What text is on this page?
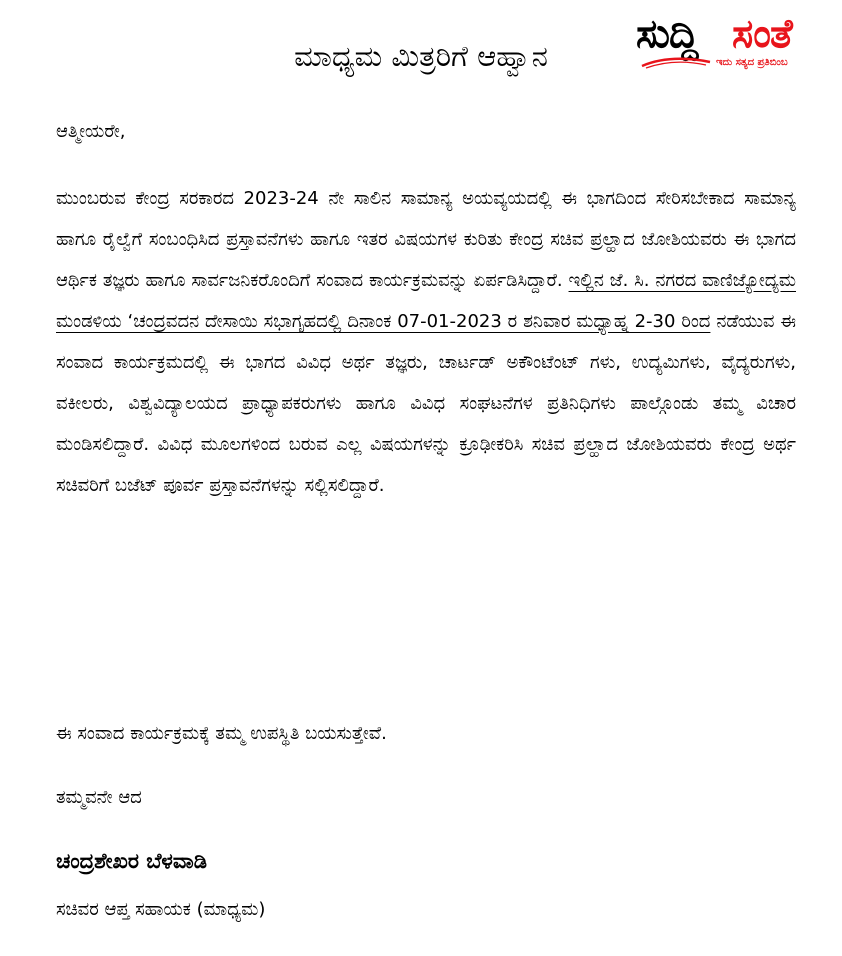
ಸುದ್ದಿ ಸಂತೆ
ಇದು ಸತ್ಯದ ಪ್ರತಿಬಿಂಬ
ಮಾಧ್ಯಮ ಮಿತ್ರರಿಗೆ ಆಹ್ವಾನ
ಆತ್ಮೀಯರೇ,

ಮುಂಬರುವ ಕೇಂದ್ರ ಸರಕಾರದ 2023-24 ನೇ ಸಾಲಿನ ಸಾಮಾನ್ಯ ಅಯವ್ಯಯದಲ್ಲಿ ಈ ಭಾಗದಿಂದ ಸೇರಿಸಬೇಕಾದ ಸಾಮಾನ್ಯ ಹಾಗೂ ರೈಲ್ವೆಗೆ ಸಂಬಂಧಿಸಿದ ಪ್ರಸ್ತಾವನೆಗಳು ಹಾಗೂ ಇತರ ವಿಷಯಗಳ ಕುರಿತು ಕೇಂದ್ರ ಸಚಿವ ಪ್ರಲ್ಹಾದ ಜೋಶಿಯವರು ಈ ಭಾಗದ ಆರ್ಥಿಕ ತಜ್ಞರು ಹಾಗೂ ಸಾರ್ವಜನಿಕರೊಂದಿಗೆ ಸಂವಾದ ಕಾರ್ಯಕ್ರಮವನ್ನು ಏರ್ಪಡಿಸಿದ್ದಾರೆ. ಇಲ್ಲಿನ ಜೆ. ಸಿ. ನಗರದ ವಾಣಿಜ್ಯೋದ್ಯಮ ಮಂಡಳಿಯ ‘ಚಂದ್ರವದನ ದೇಸಾಯಿ ಸಭಾಗೃಹದಲ್ಲಿ ದಿನಾಂಕ 07-01-2023 ರ ಶನಿವಾರ ಮಧ್ಯಾಹ್ನ 2-30 ರಿಂದ ನಡೆಯುವ ಈ ಸಂವಾದ ಕಾರ್ಯಕ್ರಮದಲ್ಲಿ ಈ ಭಾಗದ ವಿವಿಧ ಅರ್ಥ ತಜ್ಞರು, ಚಾರ್ಟಡ್ ಅಕೌಂಟೆಂಟ್ ಗಳು, ಉದ್ಯಮಿಗಳು, ವೈದ್ಯರುಗಳು, ವಕೀಲರು, ವಿಶ್ವವಿದ್ಯಾಲಯದ ಪ್ರಾಧ್ಯಾಪಕರುಗಳು ಹಾಗೂ ವಿವಿಧ ಸಂಘಟನೆಗಳ ಪ್ರತಿನಿಧಿಗಳು ಪಾಲ್ಗೊಂಡು ತಮ್ಮ ವಿಚಾರ ಮಂಡಿಸಲಿದ್ದಾರೆ. ವಿವಿಧ ಮೂಲಗಳಿಂದ ಬರುವ ಎಲ್ಲ ವಿಷಯಗಳನ್ನು ಕ್ರೂಢೀಕರಿಸಿ ಸಚಿವ ಪ್ರಲ್ಹಾದ ಜೋಶಿಯವರು ಕೇಂದ್ರ ಅರ್ಥ ಸಚಿವರಿಗೆ ಬಜೆಟ್ ಪೂರ್ವ ಪ್ರಸ್ತಾವನೆಗಳನ್ನು ಸಲ್ಲಿಸಲಿದ್ದಾರೆ.

ಈ ಸಂವಾದ ಕಾರ್ಯಕ್ರಮಕ್ಕೆ ತಮ್ಮ ಉಪಸ್ಥಿತಿ ಬಯಸುತ್ತೇವೆ.
ತಮ್ಮವನೇ ಆದ
ಚಂದ್ರಶೇಖರ ಬೆಳವಾಡಿ
ಸಚಿವರ ಆಪ್ತ ಸಹಾಯಕ (ಮಾಧ್ಯಮ)
